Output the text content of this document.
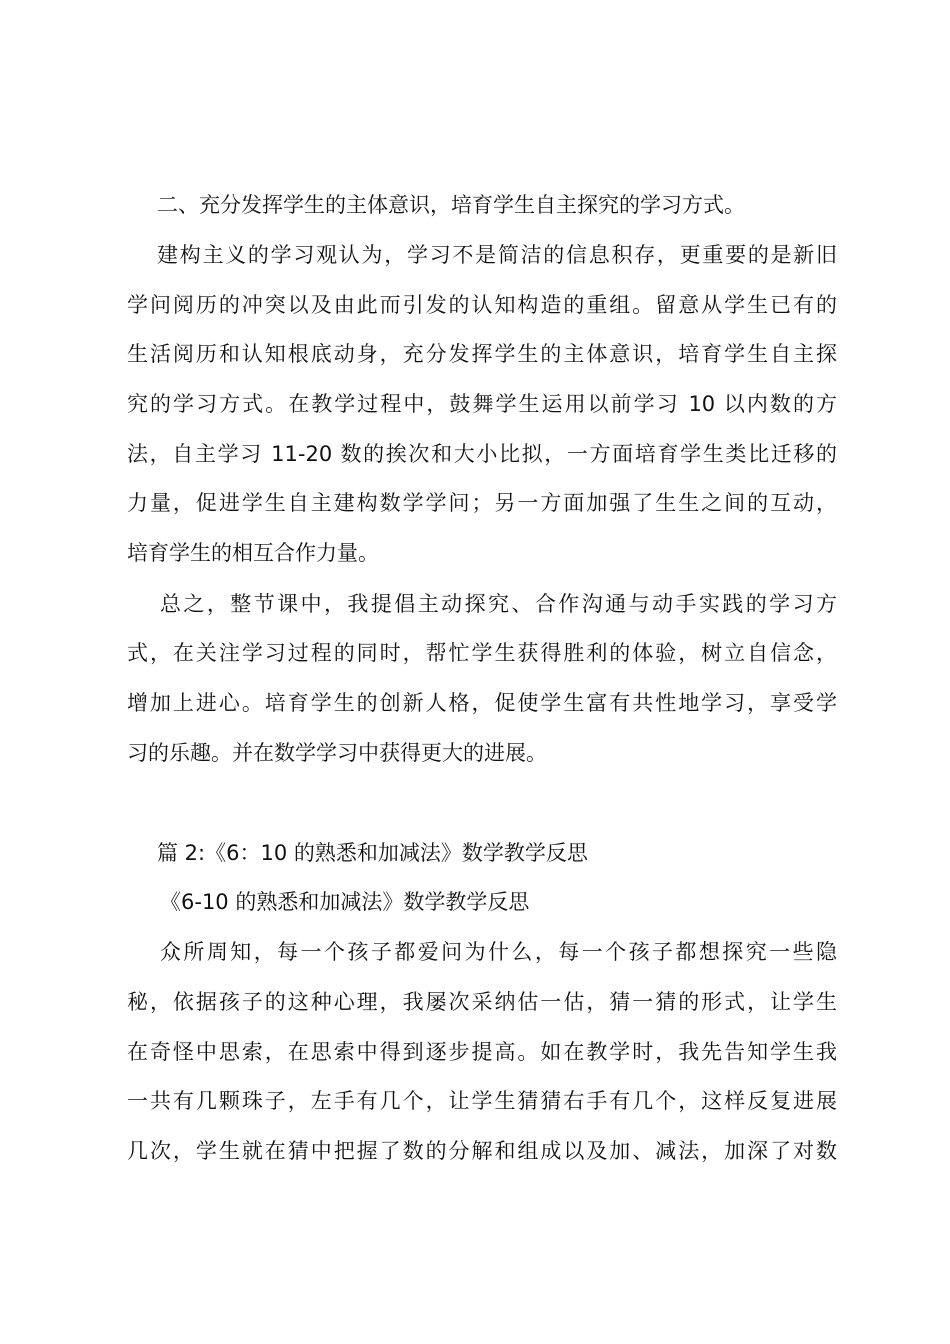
二、充分发挥学生的主体意识，培育学生自主探究的学习方式。
建构主义的学习观认为，学习不是简洁的信息积存，更重要的是新旧
学问阅历的冲突以及由此而引发的认知构造的重组。留意从学生已有的
生活阅历和认知根底动身，充分发挥学生的主体意识，培育学生自主探
究的学习方式。在教学过程中，鼓舞学生运用以前学习 10 以内数的方
法，自主学习 11-20 数的挨次和大小比拟，一方面培育学生类比迁移的
力量，促进学生自主建构数学学问；另一方面加强了生生之间的互动，
培育学生的相互合作力量。
总之，整节课中，我提倡主动探究、合作沟通与动手实践的学习方
式，在关注学习过程的同时，帮忙学生获得胜利的体验，树立自信念，
增加上进心。培育学生的创新人格，促使学生富有共性地学习，享受学
习的乐趣。并在数学学习中获得更大的进展。
篇 2:《6：10 的熟悉和加减法》数学教学反思
《6-10 的熟悉和加减法》数学教学反思
众所周知，每一个孩子都爱问为什么，每一个孩子都想探究一些隐
秘，依据孩子的这种心理，我屡次采纳估一估，猜一猜的形式，让学生
在奇怪中思索，在思索中得到逐步提高。如在教学时，我先告知学生我
一共有几颗珠子，左手有几个，让学生猜猜右手有几个，这样反复进展
几次，学生就在猜中把握了数的分解和组成以及加、减法，加深了对数
